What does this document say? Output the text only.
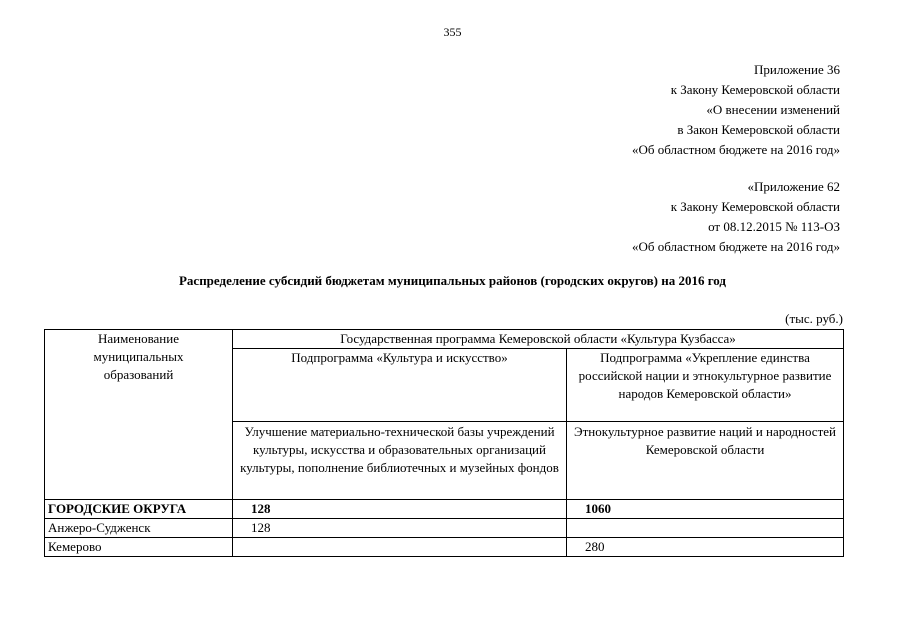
355
Приложение 36
к Закону Кемеровской области
«О внесении изменений
в Закон Кемеровской области
«Об областном бюджете на 2016 год»
«Приложение 62
к Закону Кемеровской области
от 08.12.2015 № 113-ОЗ
«Об областном бюджете на 2016 год»
Распределение субсидий бюджетам муниципальных районов (городских округов) на 2016 год
(тыс. руб.)
Наименование
муниципальных
образований	Государственная программа Кемеровской области «Культура Кузбасса»	
	Подпрограмма «Культура и искусство»	Подпрограмма «Укрепление единства российской нации и этнокультурное развитие народов Кемеровской области»
	Улучшение материально-технической базы учреждений культуры, искусства и образовательных организаций культуры, пополнение библиотечных и музейных фондов	Этнокультурное развитие наций и народностей Кемеровской области
ГОРОДСКИЕ ОКРУГА	128	1060
Анжеро-Судженск	128	
Кемерово		280
